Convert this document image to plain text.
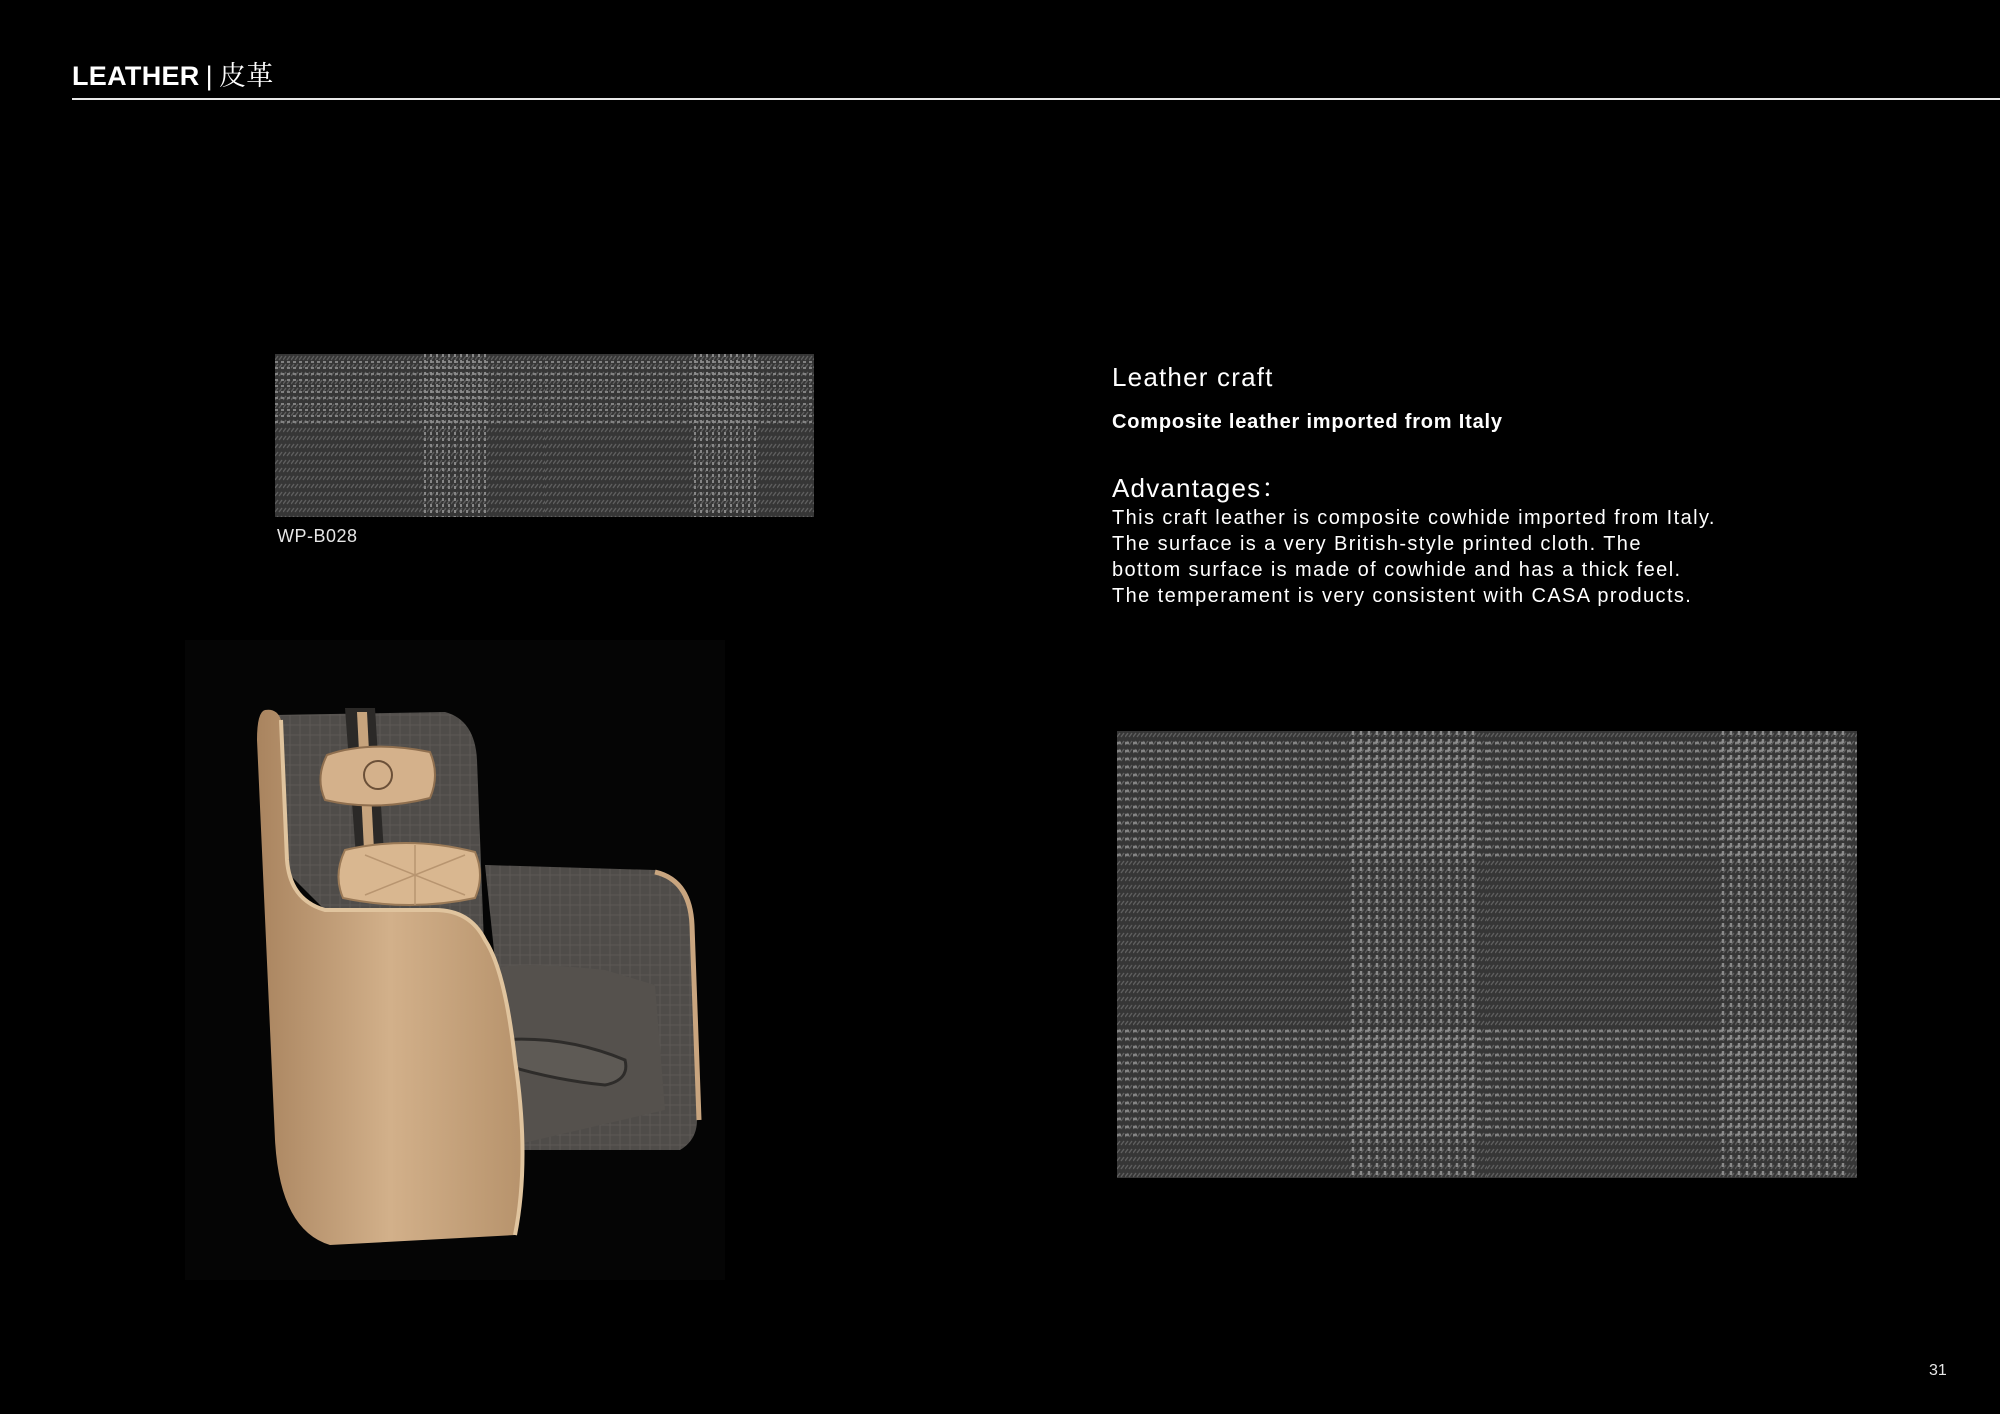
LEATHER | 皮革
WP-B028
Leather craft
Composite leather imported from Italy
Advantages：
This craft leather is composite cowhide imported from Italy.
The surface is a very British-style printed cloth. The
bottom surface is made of cowhide and has a thick feel.
The temperament is very consistent with CASA products.
31
